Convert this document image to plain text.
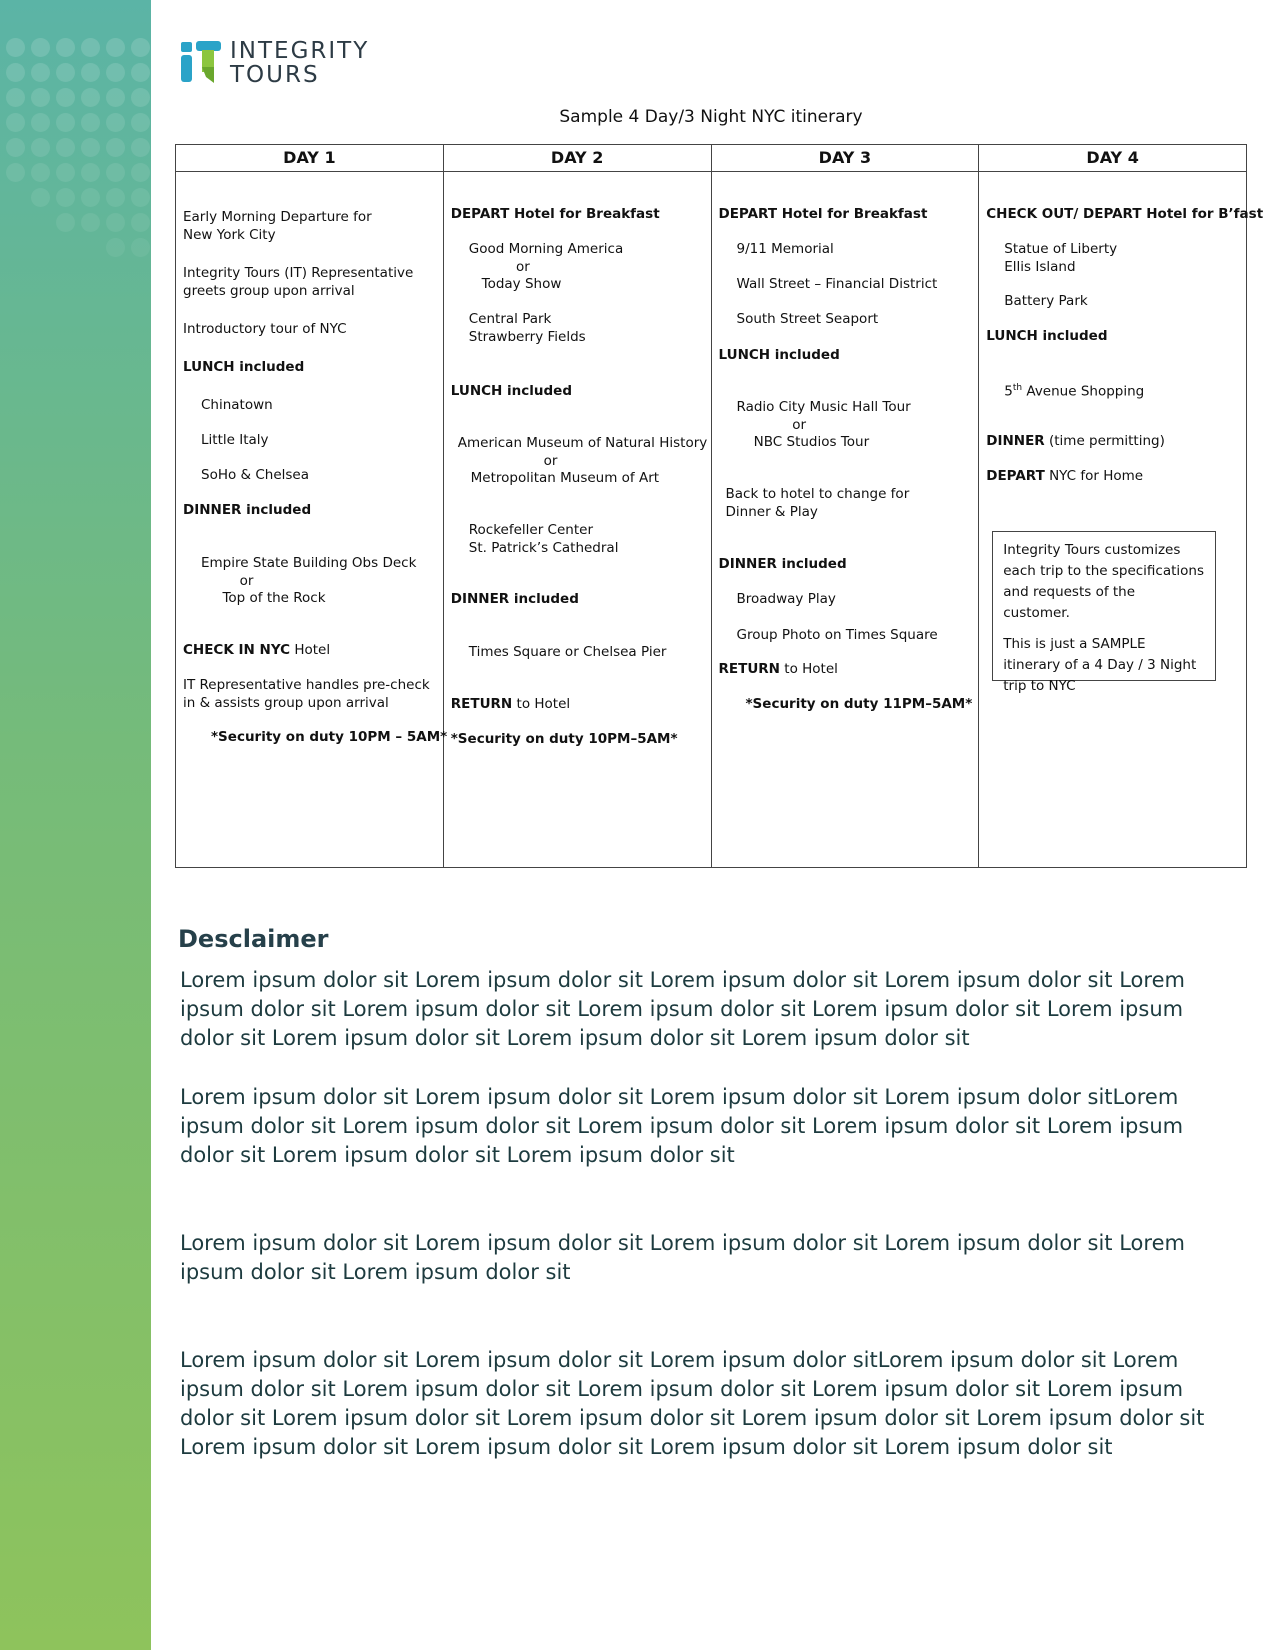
INTEGRITY
TOURS
Sample 4 Day/3 Night NYC itinerary
DAY 1
Early Morning Departure for
New York City
Integrity Tours (IT) Representative
greets group upon arrival
Introductory tour of NYC
LUNCH included
Chinatown
Little Italy
SoHo & Chelsea
DINNER included
Empire State Building Obs Deck
or
Top of the Rock
CHECK IN NYC Hotel
IT Representative handles pre-check
in & assists group upon arrival
*Security on duty 10PM – 5AM*
DAY 2
DEPART Hotel for Breakfast
Good Morning America
or
Today Show
Central Park
Strawberry Fields
LUNCH included
American Museum of Natural History
or
Metropolitan Museum of Art
Rockefeller Center
St. Patrick’s Cathedral
DINNER included
Times Square or Chelsea Pier
RETURN to Hotel
*Security on duty 10PM–5AM*
DAY 3
DEPART Hotel for Breakfast
9/11 Memorial
Wall Street – Financial District
South Street Seaport
LUNCH included
Radio City Music Hall Tour
or
NBC Studios Tour
Back to hotel to change for
Dinner & Play
DINNER included
Broadway Play
Group Photo on Times Square
RETURN to Hotel
*Security on duty 11PM–5AM*
DAY 4
CHECK OUT/ DEPART Hotel for B’fast
Statue of Liberty
Ellis Island
Battery Park
LUNCH included
5th Avenue Shopping
DINNER (time permitting)
DEPART NYC for Home

Integrity Tours customizes each trip to the specifications and requests of the customer.

This is just a SAMPLE itinerary of a 4 Day / 3 Night trip to NYC

Desclaimer

Lorem ipsum dolor sit Lorem ipsum dolor sit Lorem ipsum dolor sit Lorem ipsum dolor sit Lorem ipsum dolor sit Lorem ipsum dolor sit Lorem ipsum dolor sit Lorem ipsum dolor sit Lorem ipsum dolor sit Lorem ipsum dolor sit Lorem ipsum dolor sit Lorem ipsum dolor sit

Lorem ipsum dolor sit Lorem ipsum dolor sit Lorem ipsum dolor sit Lorem ipsum dolor sitLorem ipsum dolor sit Lorem ipsum dolor sit Lorem ipsum dolor sit Lorem ipsum dolor sit Lorem ipsum dolor sit Lorem ipsum dolor sit Lorem ipsum dolor sit

Lorem ipsum dolor sit Lorem ipsum dolor sit Lorem ipsum dolor sit Lorem ipsum dolor sit Lorem ipsum dolor sit Lorem ipsum dolor sit

Lorem ipsum dolor sit Lorem ipsum dolor sit Lorem ipsum dolor sitLorem ipsum dolor sit Lorem ipsum dolor sit Lorem ipsum dolor sit Lorem ipsum dolor sit Lorem ipsum dolor sit Lorem ipsum dolor sit Lorem ipsum dolor sit Lorem ipsum dolor sit Lorem ipsum dolor sit Lorem ipsum dolor sit Lorem ipsum dolor sit Lorem ipsum dolor sit Lorem ipsum dolor sit Lorem ipsum dolor sit
